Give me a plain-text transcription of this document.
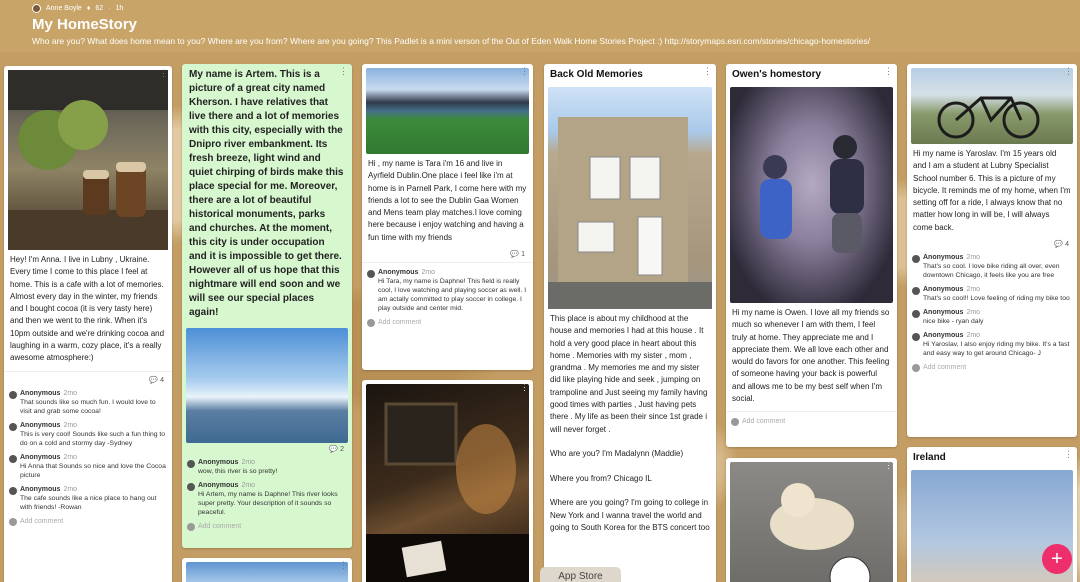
Anne Boyle ♦ 62 · 1h
My HomeStory
Who are you? What does home mean to you? Where are you from? Where are you going? This Padlet is a mini verson of the Out of Eden Walk Home Stories Project :) http://storymaps.esri.com/stories/chicago-homestories/
⋮
Hey! I'm Anna. I live in Lubny , Ukraine. Every time I come to this place I feel at home. This is a cafe with a lot of memories. Almost every day in the winter, my friends and I bought cocoa (it is very tasty here) and then we went to the rink. When it's 10pm outside and we're drinking cocoa and laughing in a warm, cozy place, it's a really awesome atmosphere:)
💬 4
Anonymous 2mo
That sounds like so much fun. I would love to visit and grab some cocoa!
Anonymous 2mo
This is very cool! Sounds like such a fun thing to do on a cold and stormy day -Sydney
Anonymous 2mo
Hi Anna that Sounds so nice and love the Cocoa picture
Anonymous 2mo
The cafe sounds like a nice place to hang out with friends! -Rowan
Add comment
⋮
My name is Artem. This is a picture of a great city named Kherson. I have relatives that live there and a lot of memories with this city, especially with the Dnipro river embankment. Its fresh breeze, light wind and quiet chirping of birds make this place special for me. Moreover, there are a lot of beautiful historical monuments, parks and churches. At the moment, this city is under occupation and it is impossible to get there. However all of us hope that this nightmare will end soon and we will see our special places again!
💬 2
Anonymous 2mo
wow, this river is so pretty!
Anonymous 2mo
Hi Artem, my name is Daphne! This river looks super pretty. Your description of it sounds so peaceful.
Add comment
⋮
⋮
Hi , my name is Tara i'm 16 and live in Ayrfield Dublin.One place i feel like i'm at home is in Parnell Park, I come here with my friends a lot to see the Dublin Gaa Women and Mens team play matches.I love coming here because i enjoy watching and having a fun time with my friends
💬 1
Anonymous 2mo
Hi Tara, my name is Daphne! This field is really cool, I love watching and playing soccer as well. I am actally committed to play soccer in college. I play outside and center mid.
Add comment
⋮
Back Old Memories	⋮

This place is about my childhood at the house and memories I had at this house . It hold a very good place in heart about this home . Memories with my sister , mom , grandma . My memories me and my sister did like playing hide and seek , jumping on trampoline and Just seeing my family having good times with parties , Just having pets there . My life as been their since 1st grade i will never forget .

Who are you? I'm Madalynn (Maddie)

Where you from? Chicago IL

Where are you going? I'm going to college in New York and I wanna travel the world and going to South Korea for the BTS concert too

Owen's homestory	⋮
Hi my name is Owen. I love all my friends so much so whenever I am with them, I feel truly at home. They appreciate me and I appreciate them. We all love each other and would do favors for one another. This feeling of someone having your back is powerful and allows me to be my best self when I'm social.
Add comment
⋮
⋮
Hi my name is Yaroslav. I'm 15 years old and I am a student at Lubny Specialist School number 6. This is a picture of my bicycle. It reminds me of my home, when I'm setting off for a ride, I always know that no matter how long in will be, I will always come back.
💬 4
Anonymous 2mo
That's so cool. I love bike riding all over, even downtown Chicago, it feels like you are free
Anonymous 2mo
That's so cool!! Love feeling of riding my bike too
Anonymous 2mo
nice bike - ryan daly
Anonymous 2mo
Hi Yaroslav, I also enjoy riding my bike. It's a fast and easy way to get around Chicago- J
Add comment
Ireland	⋮
App Store
+
